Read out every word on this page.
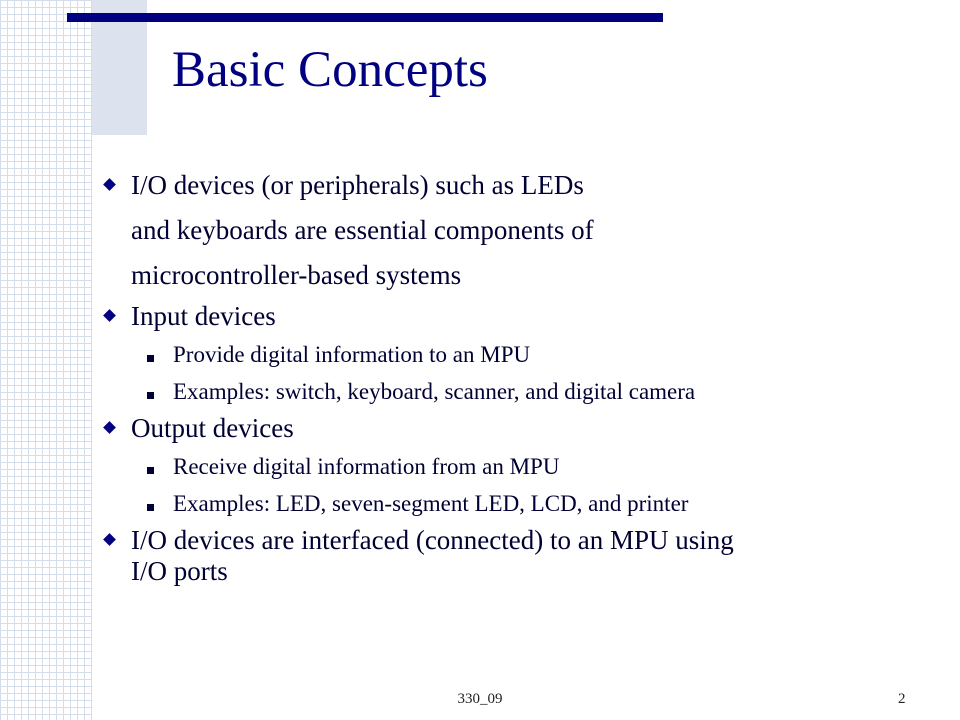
Basic Concepts
I/O devices (or peripherals) such as LEDs
and keyboards are essential components of
microcontroller-based systems
Input devices
Provide digital information to an MPU
Examples: switch, keyboard, scanner, and digital camera
Output devices
Receive digital information from an MPU
Examples: LED, seven-segment LED, LCD, and printer
I/O devices are interfaced (connected) to an MPU using
I/O ports
330_09	2
